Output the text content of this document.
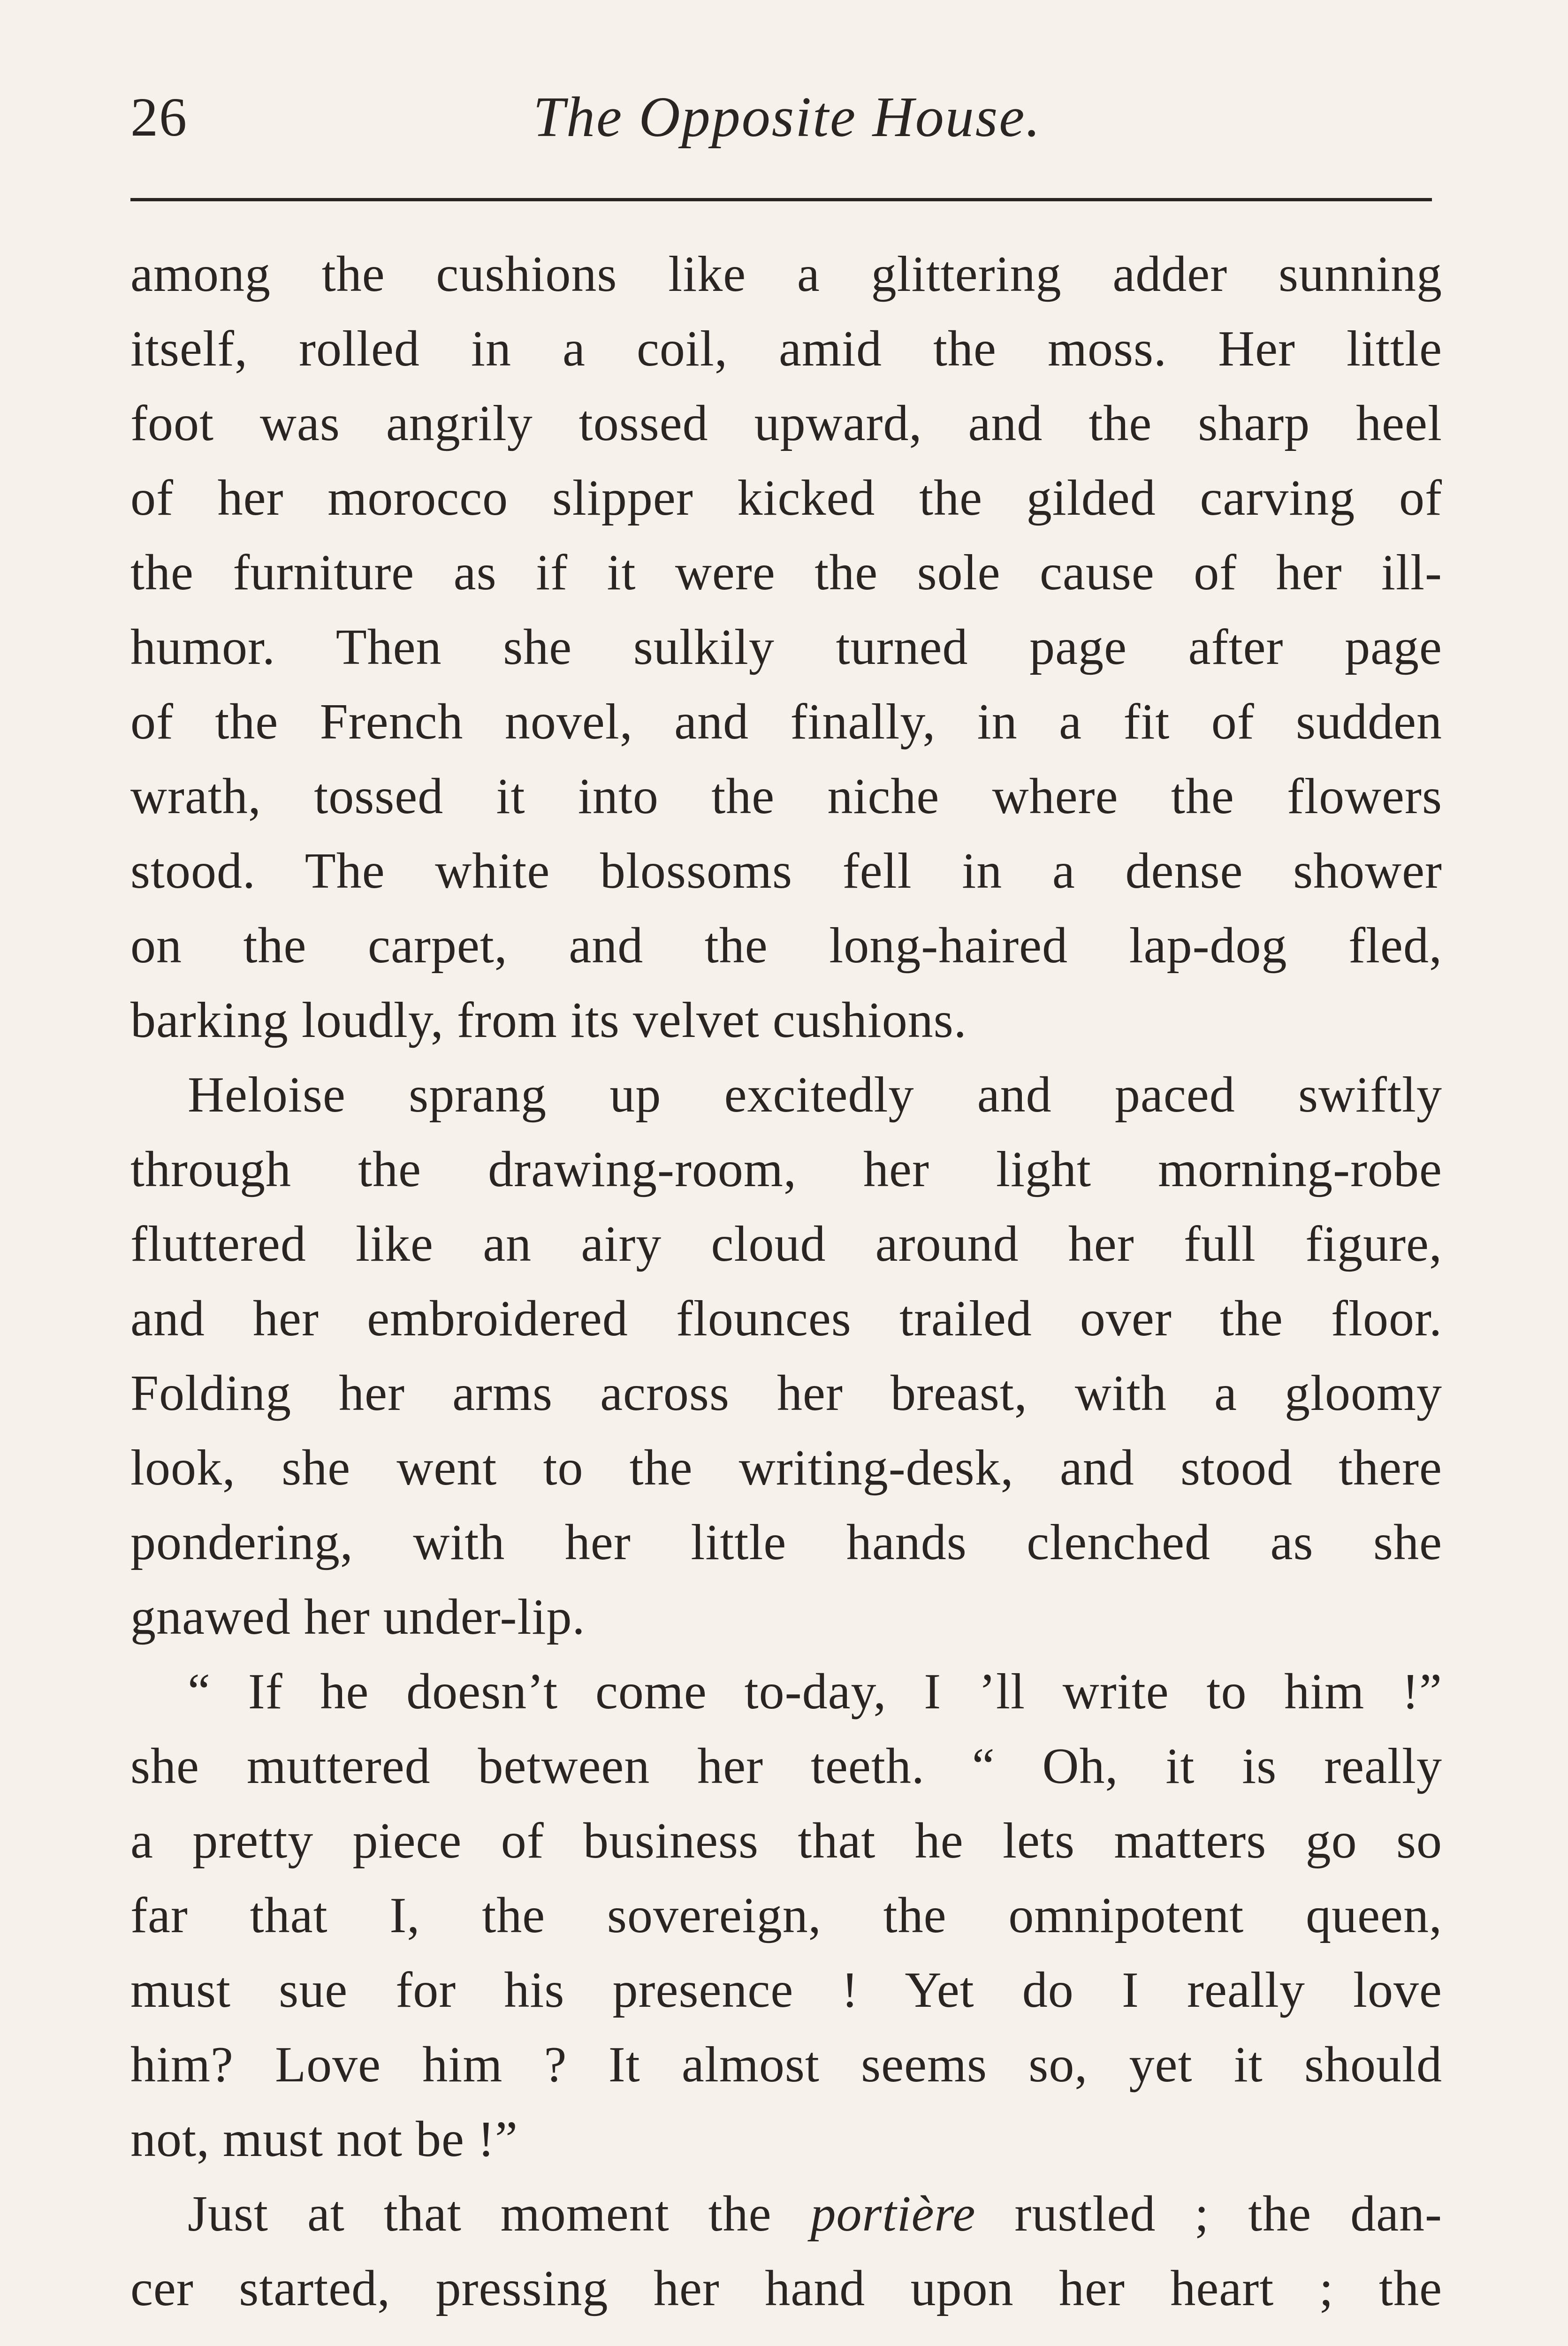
26	The Opposite House.
among the cushions like a glittering adder sunning
itself, rolled in a coil, amid the moss. Her little
foot was angrily tossed upward, and the sharp heel
of her morocco slipper kicked the gilded carving of
the furniture as if it were the sole cause of her ill-
humor. Then she sulkily turned page after page
of the French novel, and finally, in a fit of sudden
wrath, tossed it into the niche where the flowers
stood. The white blossoms fell in a dense shower
on the carpet, and the long-haired lap-dog fled,
barking loudly, from its velvet cushions.
Heloise sprang up excitedly and paced swiftly
through the drawing-room, her light morning-robe
fluttered like an airy cloud around her full figure,
and her embroidered flounces trailed over the floor.
Folding her arms across her breast, with a gloomy
look, she went to the writing-desk, and stood there
pondering, with her little hands clenched as she
gnawed her under-lip.
“ If he doesn’t come to-day, I ’ll write to him !”
she muttered between her teeth. “ Oh, it is really
a pretty piece of business that he lets matters go so
far that I, the sovereign, the omnipotent queen,
must sue for his presence ! Yet do I really love
him? Love him ? It almost seems so, yet it should
not, must not be !”
Just at that moment the portière rustled ; the dan-
cer started, pressing her hand upon her heart ; the
